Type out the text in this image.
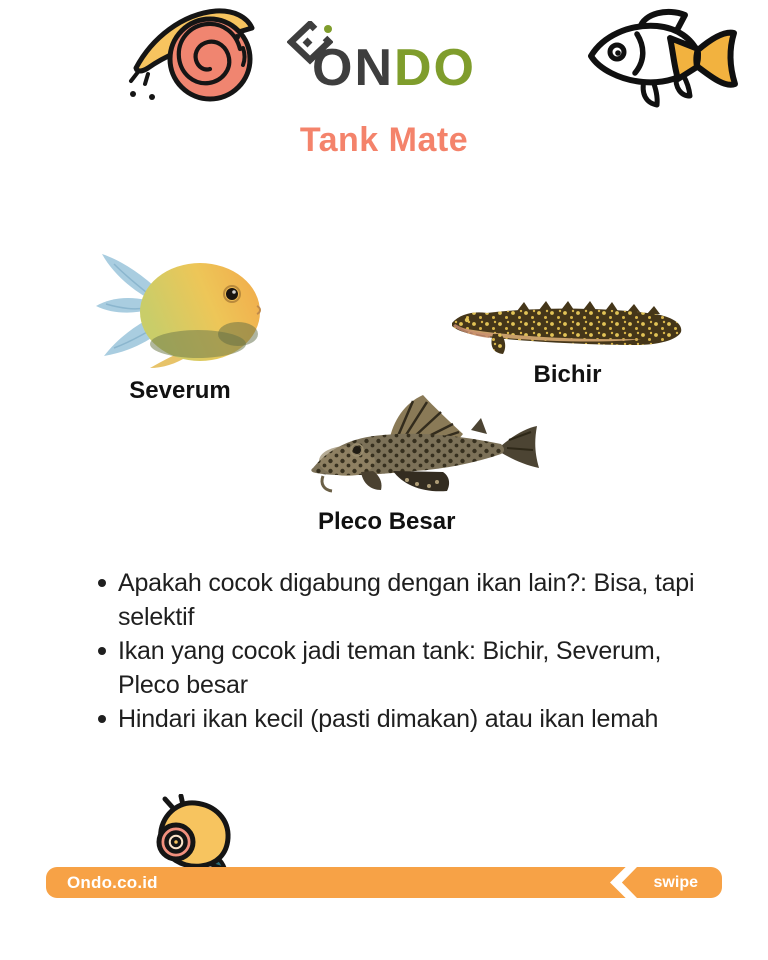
ONDO
Tank Mate
Severum
Bichir
Pleco Besar
Apakah cocok digabung dengan ikan lain?: Bisa, tapi selektif
Ikan yang cocok jadi teman tank: Bichir, Severum, Pleco besar
Hindari ikan kecil (pasti dimakan) atau ikan lemah
Ondo.co.id	swipe
